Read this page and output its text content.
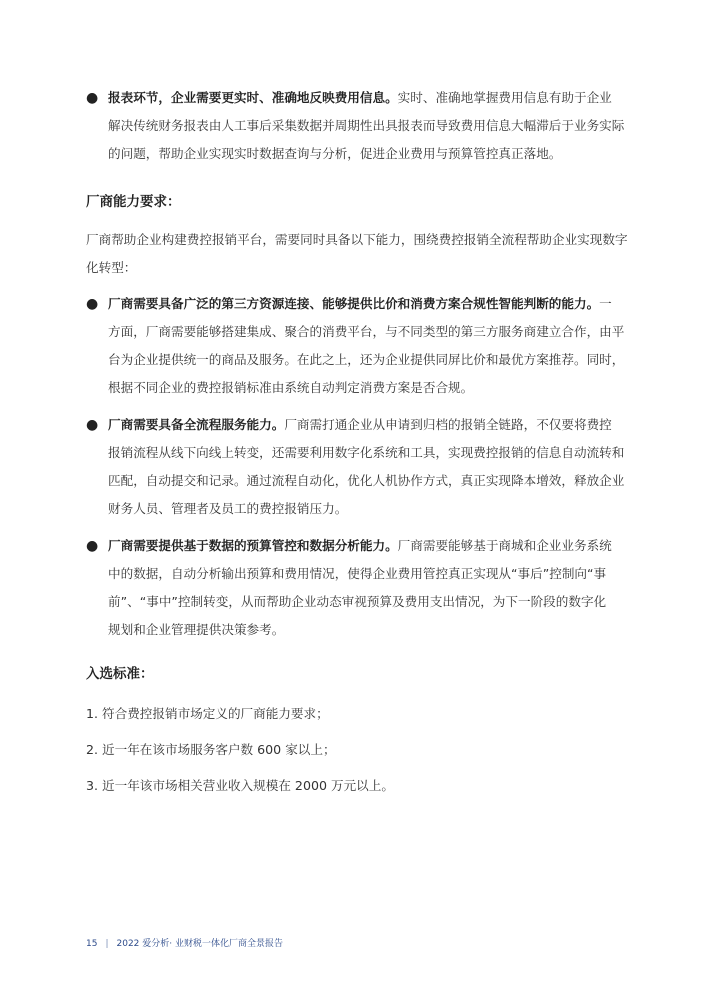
● 报表环节，企业需要更实时、准确地反映费用信息。实时、准确地掌握费用信息有助于企业
解决传统财务报表由人工事后采集数据并周期性出具报表而导致费用信息大幅滞后于业务实际
的问题，帮助企业实现实时数据查询与分析，促进企业费用与预算管控真正落地。
厂商能力要求：
厂商帮助企业构建费控报销平台，需要同时具备以下能力，围绕费控报销全流程帮助企业实现数字
化转型：
● 厂商需要具备广泛的第三方资源连接、能够提供比价和消费方案合规性智能判断的能力。一
方面，厂商需要能够搭建集成、聚合的消费平台，与不同类型的第三方服务商建立合作，由平
台为企业提供统一的商品及服务。在此之上，还为企业提供同屏比价和最优方案推荐。同时，
根据不同企业的费控报销标准由系统自动判定消费方案是否合规。
● 厂商需要具备全流程服务能力。厂商需打通企业从申请到归档的报销全链路，不仅要将费控
报销流程从线下向线上转变，还需要利用数字化系统和工具，实现费控报销的信息自动流转和
匹配，自动提交和记录。通过流程自动化，优化人机协作方式，真正实现降本增效，释放企业
财务人员、管理者及员工的费控报销压力。
● 厂商需要提供基于数据的预算管控和数据分析能力。厂商需要能够基于商城和企业业务系统
中的数据，自动分析输出预算和费用情况，使得企业费用管控真正实现从“事后”控制向“事
前”、“事中”控制转变，从而帮助企业动态审视预算及费用支出情况，为下一阶段的数字化
规划和企业管理提供决策参考。
入选标准：
1. 符合费控报销市场定义的厂商能力要求；
2. 近一年在该市场服务客户数 600 家以上；
3. 近一年该市场相关营业收入规模在 2000 万元以上。
15 | 2022 爱分析· 业财税一体化厂商全景报告
